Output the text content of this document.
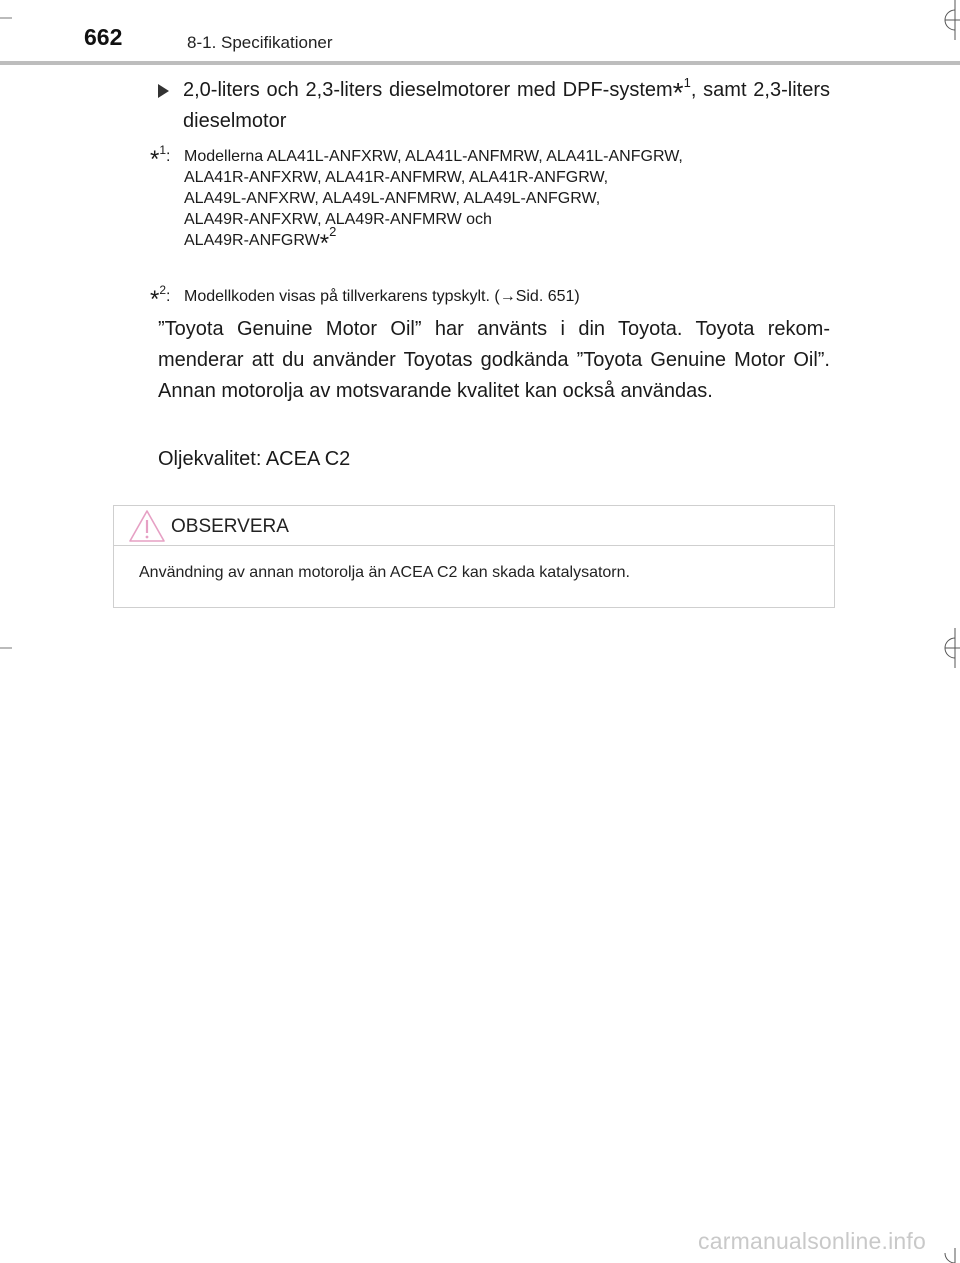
662	8-1. Specifikationer
2,0-liters och 2,3-liters dieselmotorer med DPF-system*$^1$, samt 2,3-liters dieselmotor
*$^1$: Modellerna ALA41L-ANFXRW, ALA41L-ANFMRW, ALA41L-ANFGRW,
ALA41R-ANFXRW, ALA41R-ANFMRW, ALA41R-ANFGRW,
ALA49L-ANFXRW, ALA49L-ANFMRW, ALA49L-ANFGRW,
ALA49R-ANFXRW, ALA49R-ANFMRW och
ALA49R-ANFGRW*$^2$
*$^2$: Modellkoden visas på tillverkarens typskylt. (→Sid. 651)
”Toyota Genuine Motor Oil” har använts i din Toyota. Toyota rekom-menderar att du använder Toyotas godkända ”Toyota Genuine Motor Oil”. Annan motorolja av motsvarande kvalitet kan också användas.
Oljekvalitet: ACEA C2
OBSERVERA
Användning av annan motorolja än ACEA C2 kan skada katalysatorn.
carmanualsonline.info
